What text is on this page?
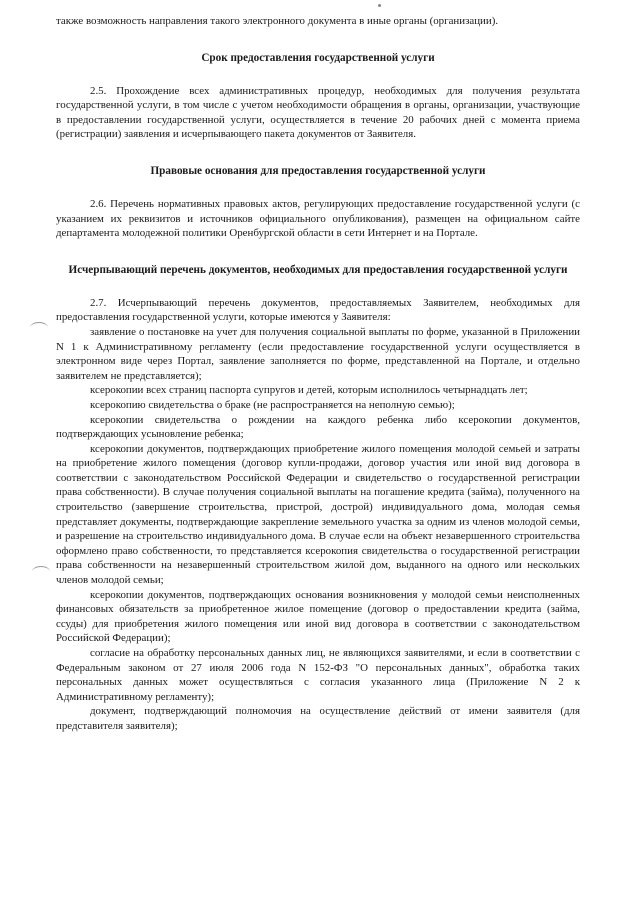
также возможность направления такого электронного документа в иные органы (организации).

Срок предоставления государственной услуги

2.5. Прохождение всех административных процедур, необходимых для получения результата государственной услуги, в том числе с учетом необходимости обращения в органы, организации, участвующие в предоставлении государственной услуги, осуществляется в течение 20 рабочих дней с момента приема (регистрации) заявления и исчерпывающего пакета документов от Заявителя.

Правовые основания для предоставления государственной услуги

2.6. Перечень нормативных правовых актов, регулирующих предоставление государственной услуги (с указанием их реквизитов и источников официального опубликования), размещен на официальном сайте департамента молодежной политики Оренбургской области в сети Интернет и на Портале.

Исчерпывающий перечень документов, необходимых для предоставления государственной услуги

2.7. Исчерпывающий перечень документов, предоставляемых Заявителем, необходимых для предоставления государственной услуги, которые имеются у Заявителя:

заявление о постановке на учет для получения социальной выплаты по форме, указанной в Приложении N 1 к Административному регламенту (если предоставление государственной услуги осуществляется в электронном виде через Портал, заявление заполняется по форме, представленной на Портале, и отдельно заявителем не представляется);

ксерокопии всех страниц паспорта супругов и детей, которым исполнилось четырнадцать лет;

ксерокопию свидетельства о браке (не распространяется на неполную семью);

ксерокопии свидетельства о рождении на каждого ребенка либо ксерокопии документов, подтверждающих усыновление ребенка;

ксерокопии документов, подтверждающих приобретение жилого помещения молодой семьей и затраты на приобретение жилого помещения (договор купли-продажи, договор участия или иной вид договора в соответствии с законодательством Российской Федерации и свидетельство о государственной регистрации права собственности). В случае получения социальной выплаты на погашение кредита (займа), полученного на строительство (завершение строительства, пристрой, дострой) индивидуального дома, молодая семья представляет документы, подтверждающие закрепление земельного участка за одним из членов молодой семьи, и разрешение на строительство индивидуального дома. В случае если на объект незавершенного строительства оформлено право собственности, то представляется ксерокопия свидетельства о государственной регистрации права собственности на незавершенный строительством жилой дом, выданного на одного или нескольких членов молодой семьи;

ксерокопии документов, подтверждающих основания возникновения у молодой семьи неисполненных финансовых обязательств за приобретенное жилое помещение (договор о предоставлении кредита (займа, ссуды) для приобретения жилого помещения или иной вид договора в соответствии с законодательством Российской Федерации);

согласие на обработку персональных данных лиц, не являющихся заявителями, и если в соответствии с Федеральным законом от 27 июля 2006 года N 152-ФЗ "О персональных данных", обработка таких персональных данных может осуществляться с согласия указанного лица (Приложение N 2 к Административному регламенту);

документ, подтверждающий полномочия на осуществление действий от имени заявителя (для представителя заявителя);
